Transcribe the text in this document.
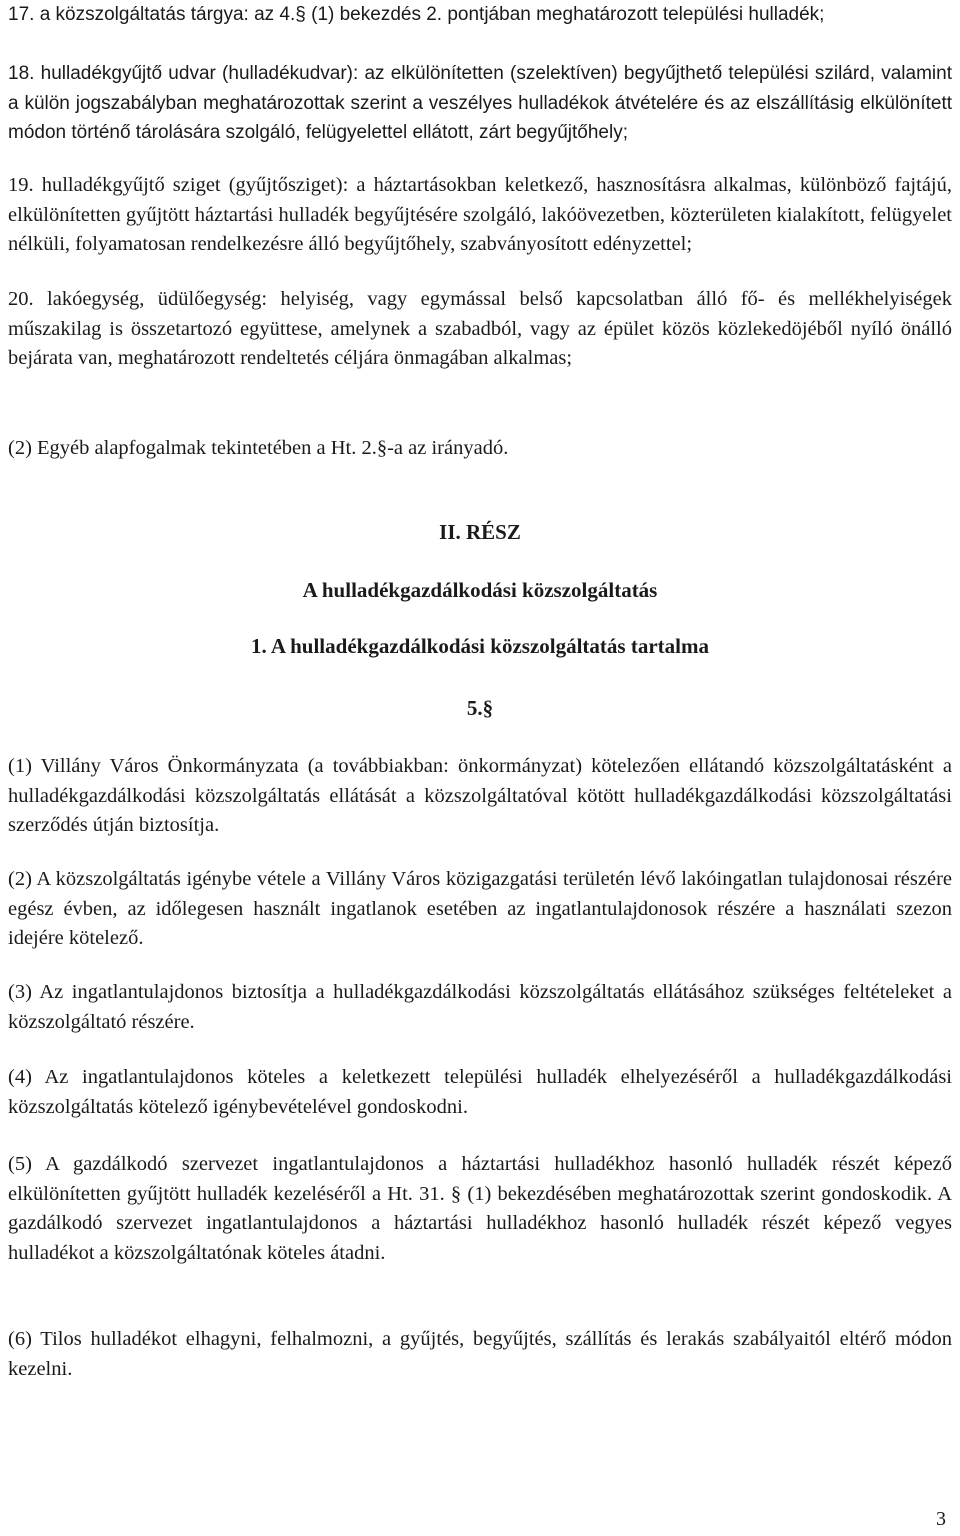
17. a közszolgáltatás tárgya: az 4.§ (1) bekezdés 2. pontjában meghatározott települési hulladék;

18. hulladékgyűjtő udvar (hulladékudvar): az elkülönítetten (szelektíven) begyűjthető települési szilárd, valamint a külön jogszabályban meghatározottak szerint a veszélyes hulladékok átvételére és az elszállításig elkülönített módon történő tárolására szolgáló, felügyelettel ellátott, zárt begyűjtőhely;

19. hulladékgyűjtő sziget (gyűjtősziget): a háztartásokban keletkező, hasznosításra alkalmas, különböző fajtájú, elkülönítetten gyűjtött háztartási hulladék begyűjtésére szolgáló, lakóövezetben, közterületen kialakított, felügyelet nélküli, folyamatosan rendelkezésre álló begyűjtőhely, szabványosított edényzettel;

20. lakóegység, üdülőegység: helyiség, vagy egymással belső kapcsolatban álló fő- és mellékhelyiségek műszakilag is összetartozó együttese, amelynek a szabadból, vagy az épület közös közlekedöjéből nyíló önálló bejárata van, meghatározott rendeltetés céljára önmagában alkalmas;

(2) Egyéb alapfogalmak tekintetében a Ht. 2.§-a az irányadó.

II. RÉSZ

A hulladékgazdálkodási közszolgáltatás

1. A hulladékgazdálkodási közszolgáltatás tartalma

5.§

(1) Villány Város Önkormányzata (a továbbiakban: önkormányzat) kötelezően ellátandó közszolgáltatásként a hulladékgazdálkodási közszolgáltatás ellátását a közszolgáltatóval kötött hulladékgazdálkodási közszolgáltatási szerződés útján biztosítja.

(2) A közszolgáltatás igénybe vétele a Villány Város közigazgatási területén lévő lakóingatlan tulajdonosai részére egész évben, az időlegesen használt ingatlanok esetében az ingatlantulajdonosok részére a használati szezon idejére kötelező.

(3) Az ingatlantulajdonos biztosítja a hulladékgazdálkodási közszolgáltatás ellátásához szükséges feltételeket a közszolgáltató részére.

(4) Az ingatlantulajdonos köteles a keletkezett települési hulladék elhelyezéséről a hulladékgazdálkodási közszolgáltatás kötelező igénybevételével gondoskodni.

(5) A gazdálkodó szervezet ingatlantulajdonos a háztartási hulladékhoz hasonló hulladék részét képező elkülönítetten gyűjtött hulladék kezeléséről a Ht. 31. § (1) bekezdésében meghatározottak szerint gondoskodik. A gazdálkodó szervezet ingatlantulajdonos a háztartási hulladékhoz hasonló hulladék részét képező vegyes hulladékot a közszolgáltatónak köteles átadni.

(6) Tilos hulladékot elhagyni, felhalmozni, a gyűjtés, begyűjtés, szállítás és lerakás szabályaitól eltérő módon kezelni.

3
